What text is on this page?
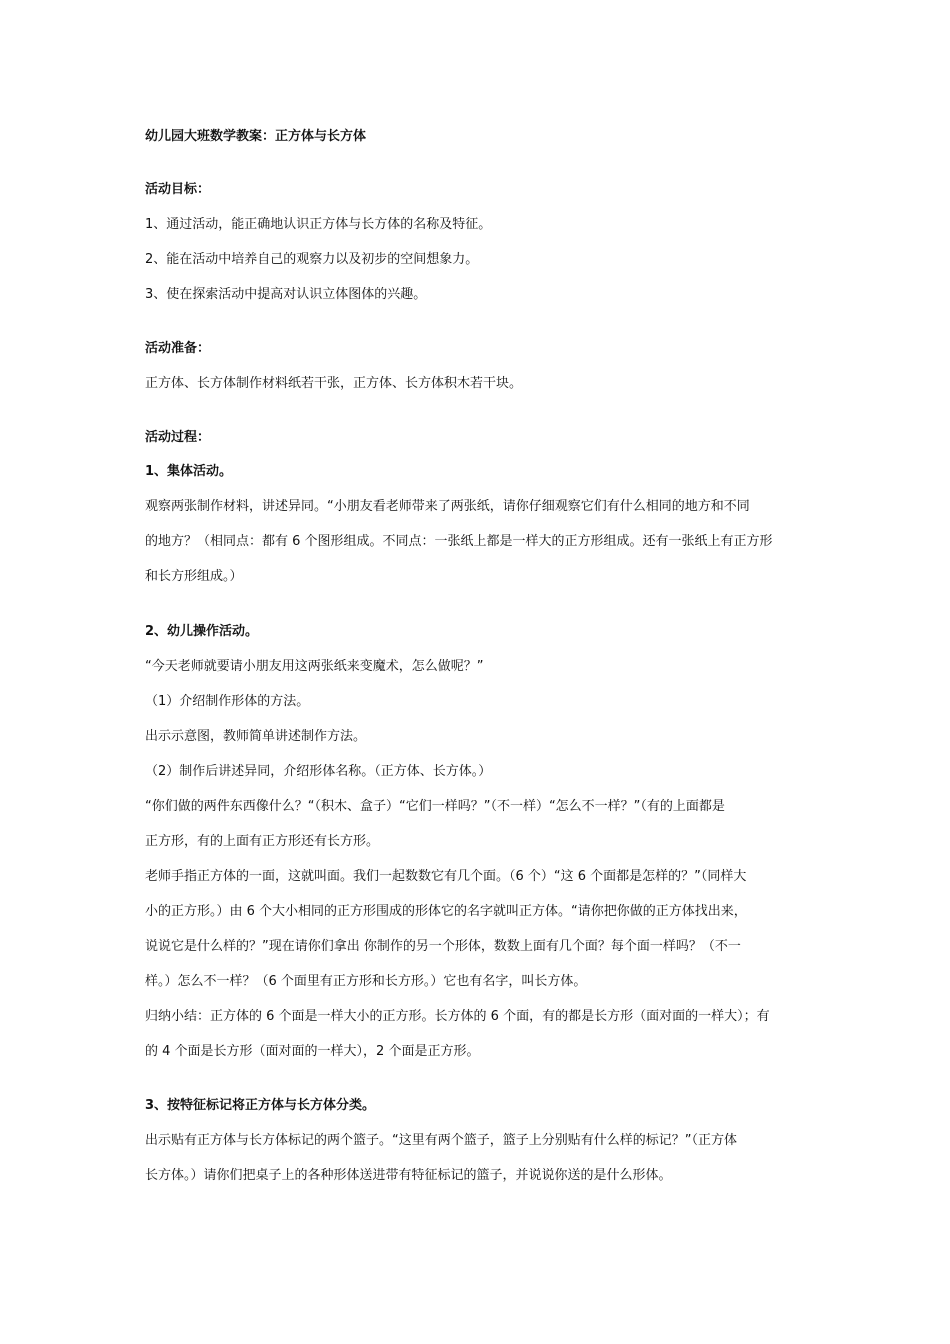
幼儿园大班数学教案：正方体与长方体
活动目标：
1、通过活动，能正确地认识正方体与长方体的名称及特征。
2、能在活动中培养自己的观察力以及初步的空间想象力。
3、使在探索活动中提高对认识立体图体的兴趣。
活动准备：
正方体、长方体制作材料纸若干张，正方体、长方体积木若干块。
活动过程：
1、集体活动。
观察两张制作材料，讲述异同。“小朋友看老师带来了两张纸，请你仔细观察它们有什么相同的地方和不同
的地方？（相同点：都有 6 个图形组成。不同点：一张纸上都是一样大的正方形组成。还有一张纸上有正方形
和长方形组成。）
2、幼儿操作活动。
“今天老师就要请小朋友用这两张纸来变魔术，怎么做呢？”
（1）介绍制作形体的方法。
出示示意图，教师简单讲述制作方法。
（2）制作后讲述异同，介绍形体名称。（正方体、长方体。）
“你们做的两件东西像什么？“（积木、盒子）“它们一样吗？”（不一样）“怎么不一样？”（有的上面都是
正方形，有的上面有正方形还有长方形。
老师手指正方体的一面，这就叫面。我们一起数数它有几个面。（6 个）“这 6 个面都是怎样的？”（同样大
小的正方形。）由 6 个大小相同的正方形围成的形体它的名字就叫正方体。“请你把你做的正方体找出来，
说说它是什么样的？”现在请你们拿出 你制作的另一个形体，数数上面有几个面？每个面一样吗？（不一
样。）怎么不一样？（6 个面里有正方形和长方形。）它也有名字，叫长方体。
归纳小结：正方体的 6 个面是一样大小的正方形。长方体的 6 个面，有的都是长方形（面对面的一样大）；有
的 4 个面是长方形（面对面的一样大），2 个面是正方形。
3、按特征标记将正方体与长方体分类。
出示贴有正方体与长方体标记的两个篮子。“这里有两个篮子，篮子上分别贴有什么样的标记？”（正方体
长方体。）请你们把桌子上的各种形体送进带有特征标记的篮子，并说说你送的是什么形体。
